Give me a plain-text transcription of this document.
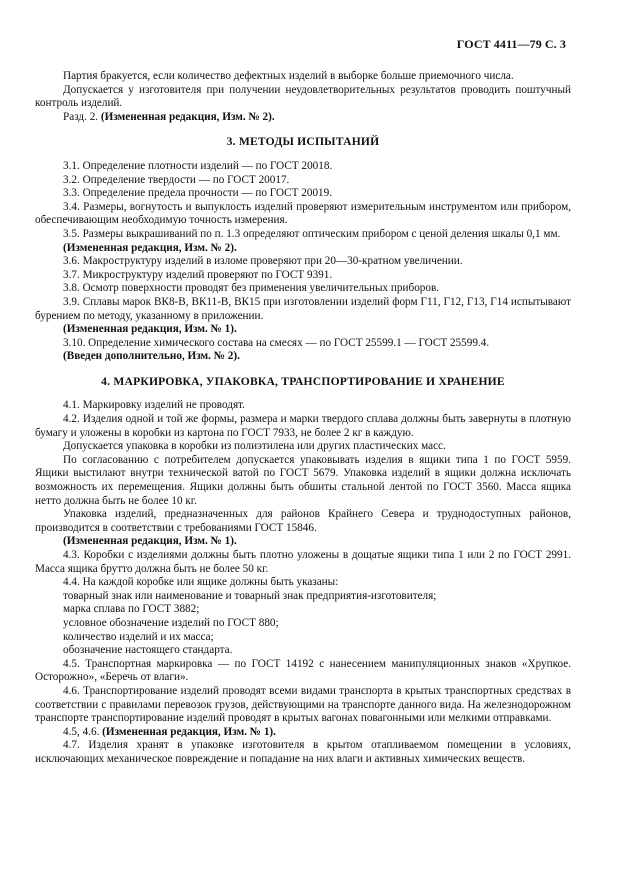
ГОСТ 4411—79 С. 3

Партия бракуется, если количество дефектных изделий в выборке больше приемочного числа.

Допускается у изготовителя при получении неудовлетворительных результатов проводить поштучный контроль изделий.

Разд. 2. (Измененная редакция, Изм. № 2).

3. МЕТОДЫ ИСПЫТАНИЙ

3.1. Определение плотности изделий — по ГОСТ 20018.

3.2. Определение твердости — по ГОСТ 20017.

3.3. Определение предела прочности — по ГОСТ 20019.

3.4. Размеры, вогнутость и выпуклость изделий проверяют измерительным инструментом или прибором, обеспечивающим необходимую точность измерения.

3.5. Размеры выкрашиваний по п. 1.3 определяют оптическим прибором с ценой деления шкалы 0,1 мм.

(Измененная редакция, Изм. № 2).

3.6. Макроструктуру изделий в изломе проверяют при 20—30-кратном увеличении.

3.7. Микроструктуру изделий проверяют по ГОСТ 9391.

3.8. Осмотр поверхности проводят без применения увеличительных приборов.

3.9. Сплавы марок ВК8-В, ВК11-В, ВК15 при изготовлении изделий форм Г11, Г12, Г13, Г14 испытывают бурением по методу, указанному в приложении.

(Измененная редакция, Изм. № 1).

3.10. Определение химического состава на смесях — по ГОСТ 25599.1 — ГОСТ 25599.4.

(Введен дополнительно, Изм. № 2).

4. МАРКИРОВКА, УПАКОВКА, ТРАНСПОРТИРОВАНИЕ И ХРАНЕНИЕ

4.1. Маркировку изделий не проводят.

4.2. Изделия одной и той же формы, размера и марки твердого сплава должны быть завернуты в плотную бумагу и уложены в коробки из картона по ГОСТ 7933, не более 2 кг в каждую.

Допускается упаковка в коробки из полиэтилена или других пластических масс.

По согласованию с потребителем допускается упаковывать изделия в ящики типа 1 по ГОСТ 5959. Ящики выстилают внутри технической ватой по ГОСТ 5679. Упаковка изделий в ящики должна исключать возможность их перемещения. Ящики должны быть обшиты стальной лентой по ГОСТ 3560. Масса ящика нетто должна быть не более 10 кг.

Упаковка изделий, предназначенных для районов Крайнего Севера и труднодоступных районов, производится в соответствии с требованиями ГОСТ 15846.

(Измененная редакция, Изм. № 1).

4.3. Коробки с изделиями должны быть плотно уложены в дощатые ящики типа 1 или 2 по ГОСТ 2991. Масса ящика брутто должна быть не более 50 кг.

4.4. На каждой коробке или ящике должны быть указаны:

товарный знак или наименование и товарный знак предприятия-изготовителя;

марка сплава по ГОСТ 3882;

условное обозначение изделий по ГОСТ 880;

количество изделий и их масса;

обозначение настоящего стандарта.

4.5. Транспортная маркировка — по ГОСТ 14192 с нанесением манипуляционных знаков «Хрупкое. Осторожно», «Беречь от влаги».

4.6. Транспортирование изделий проводят всеми видами транспорта в крытых транспортных средствах в соответствии с правилами перевозок грузов, действующими на транспорте данного вида. На железнодорожном транспорте транспортирование изделий проводят в крытых вагонах повагонными или мелкими отправками.

4.5, 4.6. (Измененная редакция, Изм. № 1).

4.7. Изделия хранят в упаковке изготовителя в крытом отапливаемом помещении в условиях, исключающих механическое повреждение и попадание на них влаги и активных химических веществ.
